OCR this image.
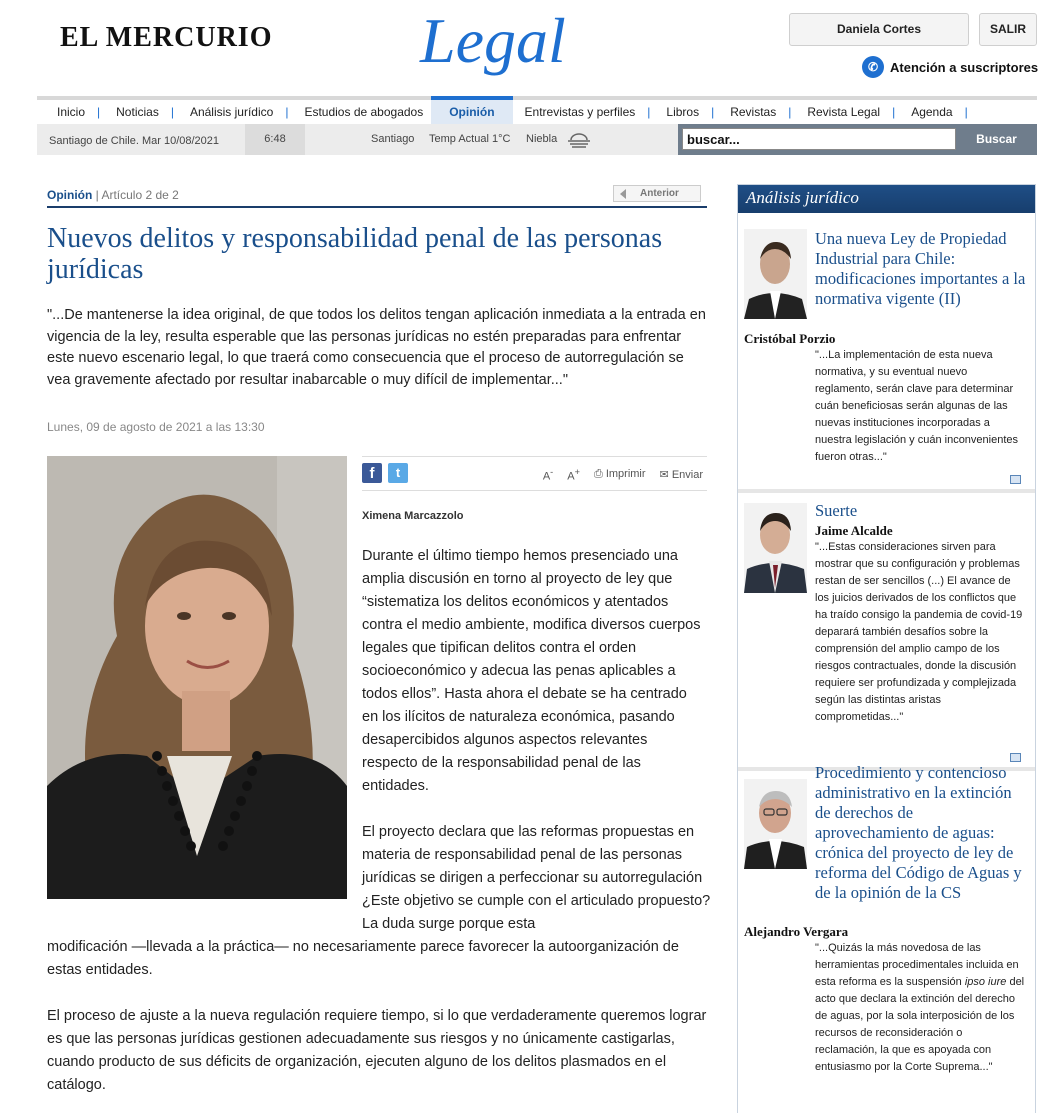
EL MERCURIO Legal	Daniela Cortes	SALIR
✆ Atención a suscriptores
Inicio |	Noticias |	Análisis jurídico |	Estudios de abogados	Opinión	Entrevistas y perfiles |	Libros |	Revistas |	Revista Legal |	Agenda |
Santiago de Chile. Mar 10/08/2021	6:48	Santiago Temp Actual 1°C Niebla
buscar...	Buscar
Opinión | Artículo 2 de 2	Anterior
Nuevos delitos y responsabilidad penal de las personas jurídicas

"...De mantenerse la idea original, de que todos los delitos tengan aplicación inmediata a la entrada en vigencia de la ley, resulta esperable que las personas jurídicas no estén preparadas para enfrentar este nuevo escenario legal, lo que traerá como consecuencia que el proceso de autorregulación se vea gravemente afectado por resultar inabarcable o muy difícil de implementar..."

Lunes, 09 de agosto de 2021 a las 13:30
f	t	A- A+ ⎙ Imprimir ✉ Enviar
Ximena Marcazzolo

Durante el último tiempo hemos presenciado una amplia discusión en torno al proyecto de ley que “sistematiza los delitos económicos y atentados contra el medio ambiente, modifica diversos cuerpos legales que tipifican delitos contra el orden socioeconómico y adecua las penas aplicables a todos ellos”. Hasta ahora el debate se ha centrado en los ilícitos de naturaleza económica, pasando desapercibidos algunos aspectos relevantes respecto de la responsabilidad penal de las entidades.

El proyecto declara que las reformas propuestas en materia de responsabilidad penal de las personas jurídicas se dirigen a perfeccionar su autorregulación ¿Este objetivo se cumple con el articulado propuesto? La duda surge porque esta

modificación —llevada a la práctica— no necesariamente parece favorecer la autoorganización de estas entidades.

El proceso de ajuste a la nueva regulación requiere tiempo, si lo que verdaderamente queremos lograr es que las personas jurídicas gestionen adecuadamente sus riesgos y no únicamente castigarlas, cuando producto de sus déficits de organización, ejecuten alguno de los delitos plasmados en el catálogo.

Análisis jurídico
Una nueva Ley de Propiedad Industrial para Chile: modificaciones importantes a la normativa vigente (II)
Cristóbal Porzio
"...La implementación de esta nueva normativa, y su eventual nuevo reglamento, serán clave para determinar cuán beneficiosas serán algunas de las nuevas instituciones incorporadas a nuestra legislación y cuán inconvenientes fueron otras..."
Suerte
Jaime Alcalde
"...Estas consideraciones sirven para mostrar que su configuración y problemas restan de ser sencillos (...) El avance de los juicios derivados de los conflictos que ha traído consigo la pandemia de covid-19 deparará también desafíos sobre la comprensión del amplio campo de los riesgos contractuales, donde la discusión requiere ser profundizada y complejizada según las distintas aristas comprometidas..."
Procedimiento y contencioso administrativo en la extinción de derechos de aprovechamiento de aguas: crónica del proyecto de ley de reforma del Código de Aguas y de la opinión de la CS
Alejandro Vergara
"...Quizás la más novedosa de las herramientas procedimentales incluida en esta reforma es la suspensión ipso iure del acto que declara la extinción del derecho de aguas, por la sola interposición de los recursos de reconsideración o reclamación, la que es apoyada con entusiasmo por la Corte Suprema..."
